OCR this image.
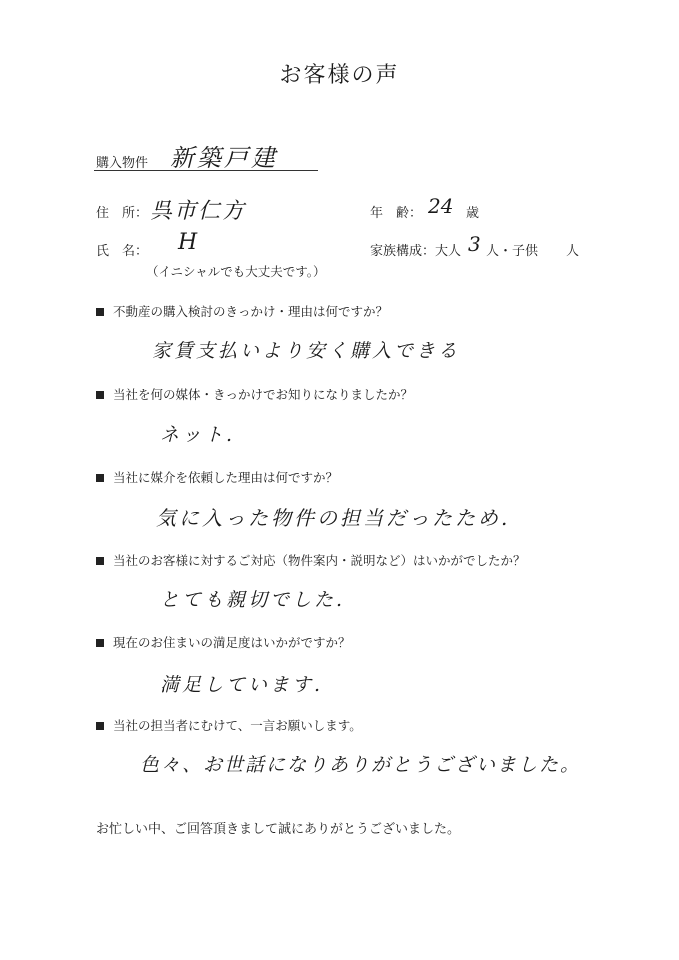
お客様の声
購入物件 新築戸建
住　所： 呉市仁方	年　齢： 24 歳
氏　名： H
（イニシャルでも大丈夫です。）
家族構成：大人 3 人・子供 人
不動産の購入検討のきっかけ・理由は何ですか？
家賃支払いより安く購入できる
当社を何の媒体・きっかけでお知りになりましたか？
ネット.
当社に媒介を依頼した理由は何ですか？
気に入った物件の担当だったため.
当社のお客様に対するご対応（物件案内・説明など）はいかがでしたか？
とても親切でした.
現在のお住まいの満足度はいかがですか？
満足しています.
当社の担当者にむけて、一言お願いします。
色々、お世話になりありがとうございました。
お忙しい中、ご回答頂きまして誠にありがとうございました。
